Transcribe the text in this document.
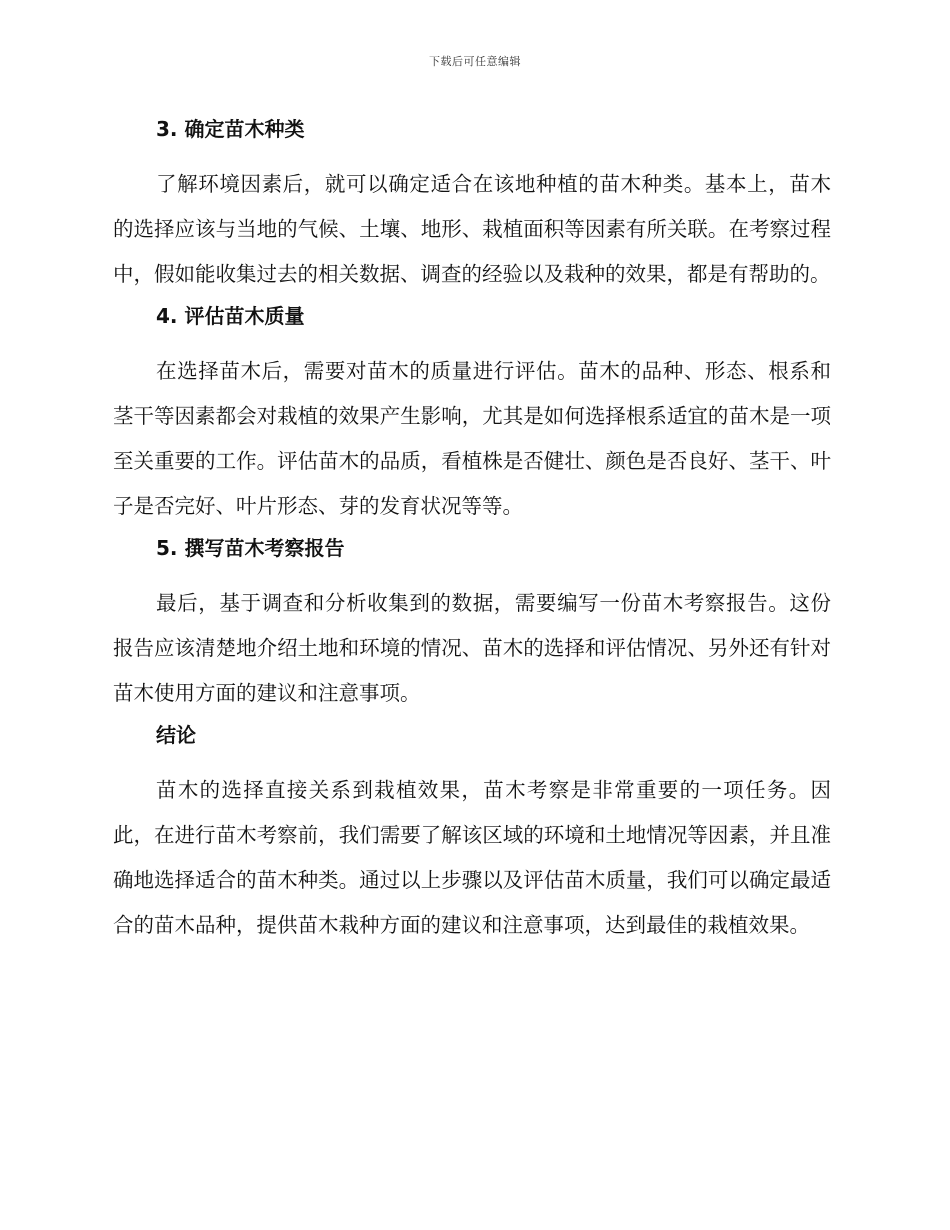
下载后可任意编辑
3. 确定苗木种类

了解环境因素后，就可以确定适合在该地种植的苗木种类。基本上，苗木的选择应该与当地的气候、土壤、地形、栽植面积等因素有所关联。在考察过程中，假如能收集过去的相关数据、调查的经验以及栽种的效果，都是有帮助的。

4. 评估苗木质量

在选择苗木后，需要对苗木的质量进行评估。苗木的品种、形态、根系和茎干等因素都会对栽植的效果产生影响，尤其是如何选择根系适宜的苗木是一项至关重要的工作。评估苗木的品质，看植株是否健壮、颜色是否良好、茎干、叶子是否完好、叶片形态、芽的发育状况等等。

5. 撰写苗木考察报告

最后，基于调查和分析收集到的数据，需要编写一份苗木考察报告。这份报告应该清楚地介绍土地和环境的情况、苗木的选择和评估情况、另外还有针对苗木使用方面的建议和注意事项。

结论

苗木的选择直接关系到栽植效果，苗木考察是非常重要的一项任务。因此，在进行苗木考察前，我们需要了解该区域的环境和土地情况等因素，并且准确地选择适合的苗木种类。通过以上步骤以及评估苗木质量，我们可以确定最适合的苗木品种，提供苗木栽种方面的建议和注意事项，达到最佳的栽植效果。
